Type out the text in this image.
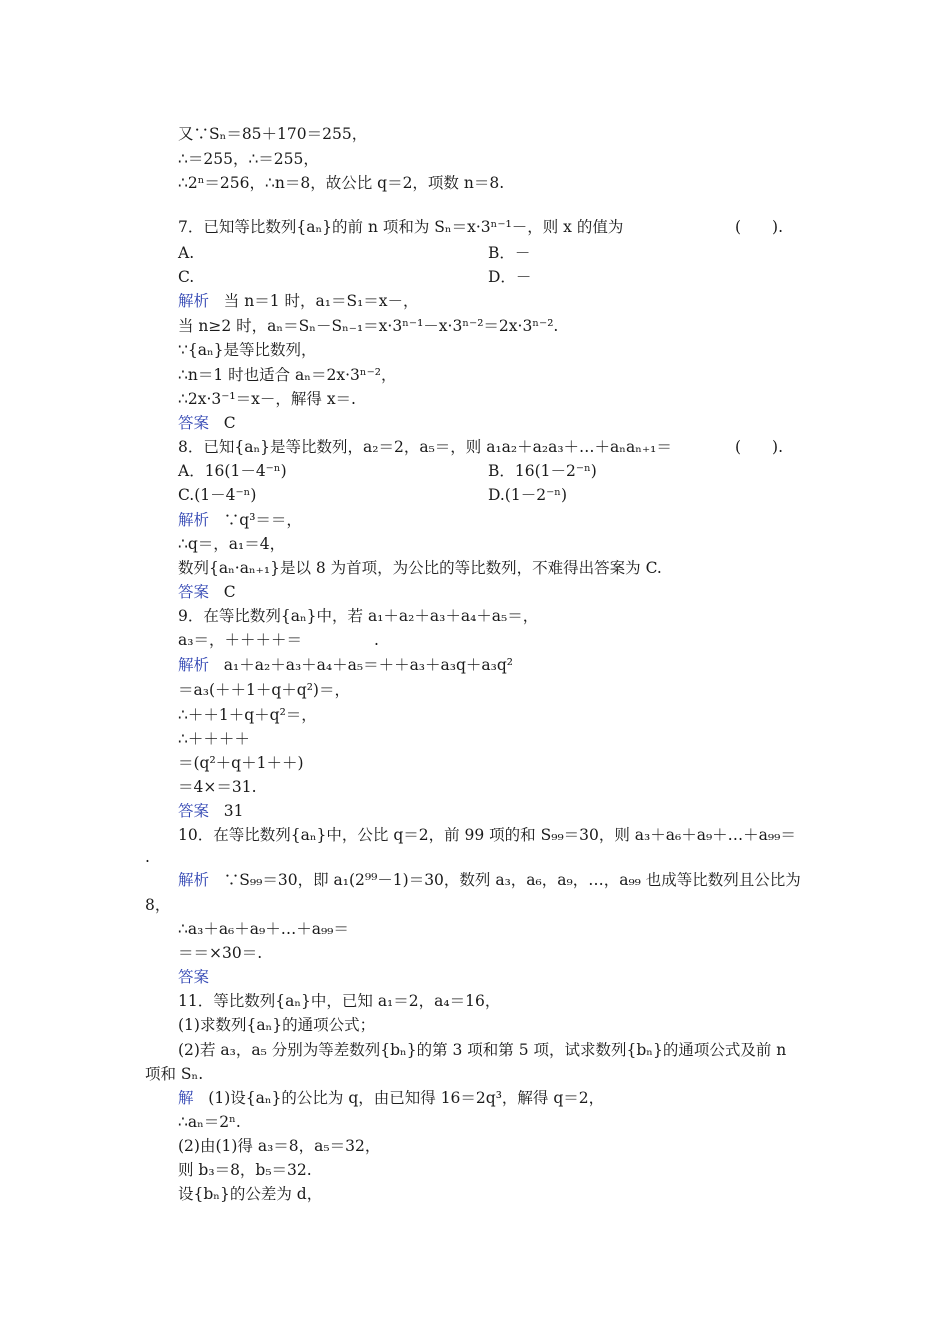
又∵Sₙ＝85＋170＝255，
∴＝255，∴＝255，
∴2ⁿ＝256，∴n＝8，故公比 q＝2，项数 n＝8.
7．已知等比数列{aₙ}的前 n 项和为 Sₙ＝x·3ⁿ⁻¹－，则 x 的值为	(　　).
A.	B．－
C.	D．－
解析 当 n＝1 时，a₁＝S₁＝x－，
当 n≥2 时，aₙ＝Sₙ－Sₙ₋₁＝x·3ⁿ⁻¹－x·3ⁿ⁻²＝2x·3ⁿ⁻².
∵{aₙ}是等比数列，
∴n＝1 时也适合 aₙ＝2x·3ⁿ⁻²，
∴2x·3⁻¹＝x－，解得 x＝.
答案 C
8．已知{aₙ}是等比数列，a₂＝2，a₅＝，则 a₁a₂＋a₂a₃＋…＋aₙaₙ₊₁＝	(　　).
A．16(1－4⁻ⁿ)	B．16(1－2⁻ⁿ)
C.(1－4⁻ⁿ)	D.(1－2⁻ⁿ)
解析 ∵q³＝＝，
∴q＝，a₁＝4，
数列{aₙ·aₙ₊₁}是以 8 为首项，为公比的等比数列，不难得出答案为 C.
答案 C
9．在等比数列{aₙ}中，若 a₁＋a₂＋a₃＋a₄＋a₅＝，
a₃＝，＋＋＋＋＝	.
解析 a₁＋a₂＋a₃＋a₄＋a₅＝＋＋a₃＋a₃q＋a₃q²
＝a₃(＋＋1＋q＋q²)＝，
∴＋＋1＋q＋q²＝，
∴＋＋＋＋
＝(q²＋q＋1＋＋)
＝4×＝31.
答案 31
10．在等比数列{aₙ}中，公比 q＝2，前 99 项的和 S₉₉＝30，则 a₃＋a₆＋a₉＋…＋a₉₉＝
.
解析 ∵S₉₉＝30，即 a₁(2⁹⁹－1)＝30，数列 a₃，a₆，a₉，…，a₉₉ 也成等比数列且公比为
8，
∴a₃＋a₆＋a₉＋…＋a₉₉＝
＝＝×30＝.
答案
11．等比数列{aₙ}中，已知 a₁＝2，a₄＝16，
(1)求数列{aₙ}的通项公式；
(2)若 a₃，a₅ 分别为等差数列{bₙ}的第 3 项和第 5 项，试求数列{bₙ}的通项公式及前 n
项和 Sₙ.
解 (1)设{aₙ}的公比为 q，由已知得 16＝2q³，解得 q＝2，
∴aₙ＝2ⁿ.
(2)由(1)得 a₃＝8，a₅＝32，
则 b₃＝8，b₅＝32.
设{bₙ}的公差为 d，
